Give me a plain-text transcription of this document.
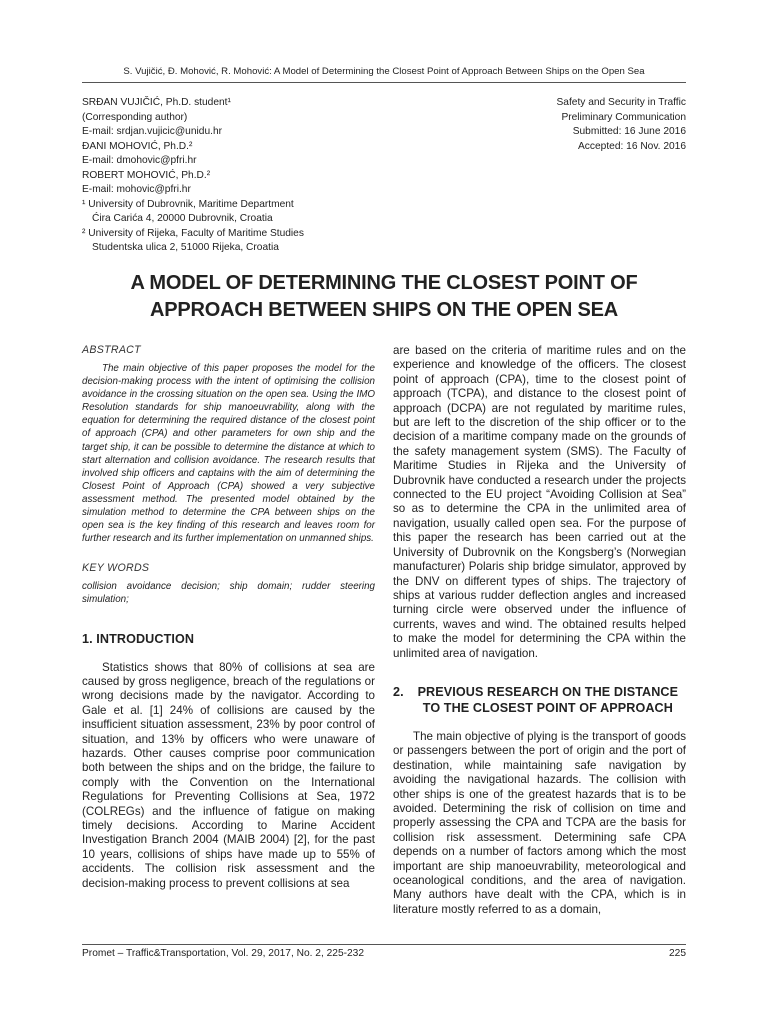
S. Vujičić, Đ. Mohović, R. Mohović: A Model of Determining the Closest Point of Approach Between Ships on the Open Sea
SRĐAN VUJIČIĆ, Ph.D. student¹
(Corresponding author)
E-mail: srdjan.vujicic@unidu.hr
ĐANI MOHOVIĆ, Ph.D.²
E-mail: dmohovic@pfri.hr
ROBERT MOHOVIĆ, Ph.D.²
E-mail: mohovic@pfri.hr
¹ University of Dubrovnik, Maritime Department
Ćira Carića 4, 20000 Dubrovnik, Croatia
² University of Rijeka, Faculty of Maritime Studies
Studentska ulica 2, 51000 Rijeka, Croatia
Safety and Security in Traffic
Preliminary Communication
Submitted: 16 June 2016
Accepted: 16 Nov. 2016
A MODEL OF DETERMINING THE CLOSEST POINT OF
APPROACH BETWEEN SHIPS ON THE OPEN SEA
ABSTRACT

The main objective of this paper proposes the model for the decision-making process with the intent of optimising the collision avoidance in the crossing situation on the open sea. Using the IMO Resolution standards for ship manoeuvrability, along with the equation for determining the required distance of the closest point of approach (CPA) and other parameters for own ship and the target ship, it can be possible to determine the distance at which to start alternation and collision avoidance. The research results that involved ship officers and captains with the aim of determining the Closest Point of Approach (CPA) showed a very subjective assessment method. The presented model obtained by the simulation method to determine the CPA between ships on the open sea is the key finding of this research and leaves room for further research and its further implementation on unmanned ships.

KEY WORDS

collision avoidance decision; ship domain; rudder steering simulation;

1. INTRODUCTION

Statistics shows that 80% of collisions at sea are caused by gross negligence, breach of the regulations or wrong decisions made by the navigator. According to Gale et al. [1] 24% of collisions are caused by the insufficient situation assessment, 23% by poor control of situation, and 13% by officers who were unaware of hazards. Other causes comprise poor communication both between the ships and on the bridge, the failure to comply with the Convention on the International Regulations for Preventing Collisions at Sea, 1972 (COLREGs) and the influence of fatigue on making timely decisions. According to Marine Accident Investigation Branch 2004 (MAIB 2004) [2], for the past 10 years, collisions of ships have made up to 55% of accidents. The collision risk assessment and the decision-making process to prevent collisions at sea

are based on the criteria of maritime rules and on the experience and knowledge of the officers. The closest point of approach (CPA), time to the closest point of approach (TCPA), and distance to the closest point of approach (DCPA) are not regulated by maritime rules, but are left to the discretion of the ship officer or to the decision of a maritime company made on the grounds of the safety management system (SMS). The Faculty of Maritime Studies in Rijeka and the University of Dubrovnik have conducted a research under the projects connected to the EU project “Avoiding Collision at Sea” so as to determine the CPA in the unlimited area of navigation, usually called open sea. For the purpose of this paper the research has been carried out at the University of Dubrovnik on the Kongsberg’s (Norwegian manufacturer) Polaris ship bridge simulator, approved by the DNV on different types of ships. The trajectory of ships at various rudder deflection angles and increased turning circle were observed under the influence of currents, waves and wind. The obtained results helped to make the model for determining the CPA within the unlimited area of navigation.

2.	PREVIOUS RESEARCH ON THE DISTANCE TO THE CLOSEST POINT OF APPROACH

The main objective of plying is the transport of goods or passengers between the port of origin and the port of destination, while maintaining safe navigation by avoiding the navigational hazards. The collision with other ships is one of the greatest hazards that is to be avoided. Determining the risk of collision on time and properly assessing the CPA and TCPA are the basis for collision risk assessment. Determining safe CPA depends on a number of factors among which the most important are ship manoeuvrability, meteorological and oceanological conditions, and the area of navigation. Many authors have dealt with the CPA, which is in literature mostly referred to as a domain,

Promet – Traffic&Transportation, Vol. 29, 2017, No. 2, 225-232	225
